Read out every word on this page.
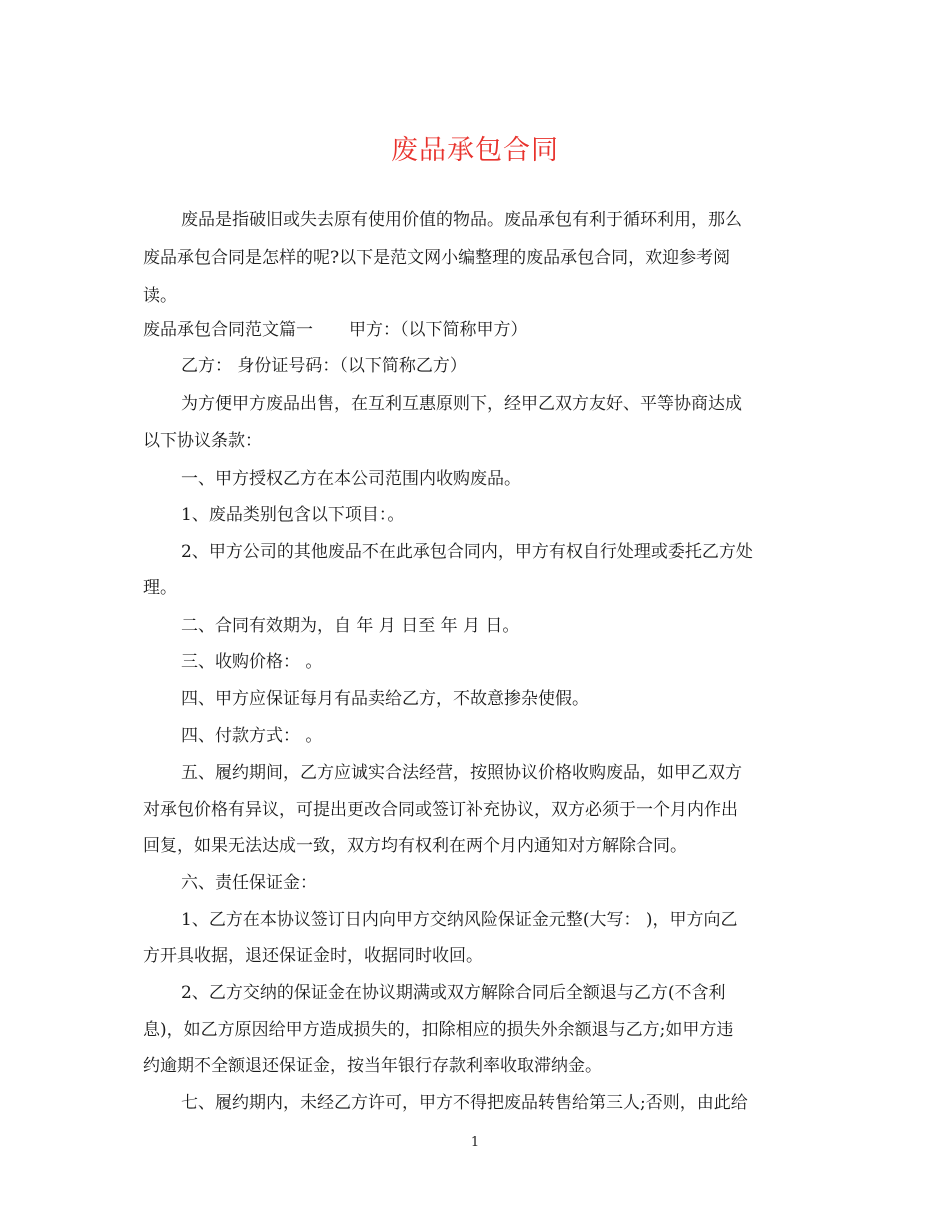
废品承包合同
废品是指破旧或失去原有使用价值的物品。废品承包有利于循环利用，那么
废品承包合同是怎样的呢?以下是范文网小编整理的废品承包合同，欢迎参考阅
读。
废品承包合同范文篇一 甲方：（以下简称甲方）
乙方： 身份证号码：（以下简称乙方）
为方便甲方废品出售，在互利互惠原则下，经甲乙双方友好、平等协商达成
以下协议条款：
一、甲方授权乙方在本公司范围内收购废品。
1、废品类别包含以下项目：。
2、甲方公司的其他废品不在此承包合同内，甲方有权自行处理或委托乙方处
理。
二、合同有效期为，自 年 月 日至 年 月 日。
三、收购价格： 。
四、甲方应保证每月有品卖给乙方，不故意掺杂使假。
四、付款方式： 。
五、履约期间，乙方应诚实合法经营，按照协议价格收购废品，如甲乙双方
对承包价格有异议，可提出更改合同或签订补充协议，双方必须于一个月内作出
回复，如果无法达成一致，双方均有权利在两个月内通知对方解除合同。
六、责任保证金：
1、乙方在本协议签订日内向甲方交纳风险保证金元整(大写： )，甲方向乙
方开具收据，退还保证金时，收据同时收回。
2、乙方交纳的保证金在协议期满或双方解除合同后全额退与乙方(不含利
息)，如乙方原因给甲方造成损失的，扣除相应的损失外余额退与乙方;如甲方违
约逾期不全额退还保证金，按当年银行存款利率收取滞纳金。
七、履约期内，未经乙方许可，甲方不得把废品转售给第三人;否则，由此给
1
